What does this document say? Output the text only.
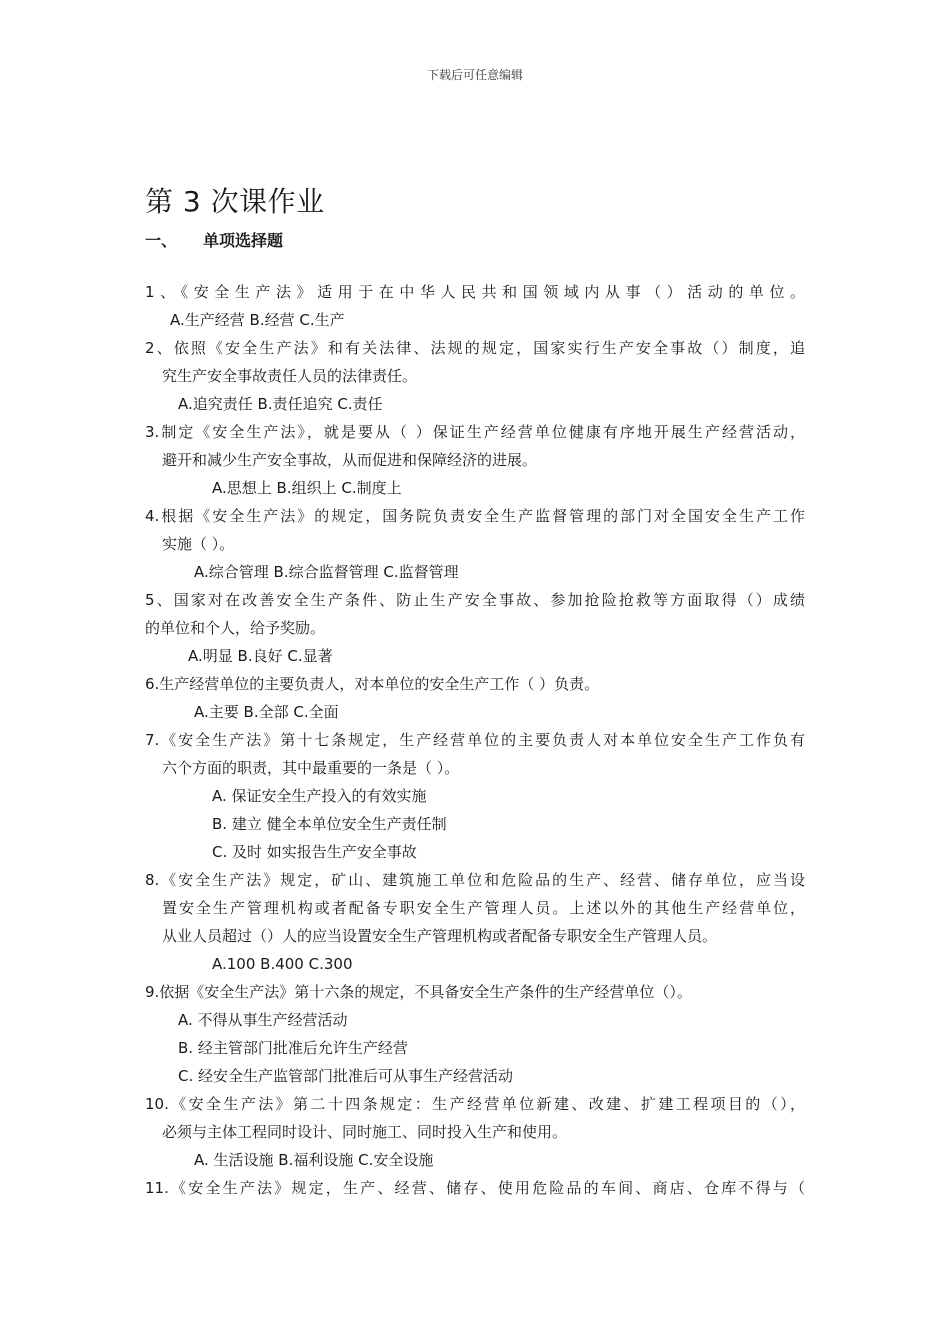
下载后可任意编辑
第 3 次课作业
一、 单项选择题
1、《安全生产法》适用于在中华人民共和国领域内从事（）活动的单位。
A.生产经营 B.经营 C.生产
2、依照《安全生产法》和有关法律、法规的规定，国家实行生产安全事故（）制度，追
究生产安全事故责任人员的法律责任。
A.追究责任 B.责任追究 C.责任
3.制定《安全生产法》，就是要从（ ）保证生产经营单位健康有序地开展生产经营活动，
避开和减少生产安全事故，从而促进和保障经济的进展。
A.思想上 B.组织上 C.制度上
4.根据《安全生产法》的规定，国务院负责安全生产监督管理的部门对全国安全生产工作
实施（ ）。
A.综合管理 B.综合监督管理 C.监督管理
5、国家对在改善安全生产条件、防止生产安全事故、参加抢险抢救等方面取得（）成绩
的单位和个人，给予奖励。
A.明显 B.良好 C.显著
6.生产经营单位的主要负责人，对本单位的安全生产工作（ ）负责。
A.主要 B.全部 C.全面
7.《安全生产法》第十七条规定，生产经营单位的主要负责人对本单位安全生产工作负有
六个方面的职责，其中最重要的一条是（ ）。
A. 保证安全生产投入的有效实施
B. 建立 健全本单位安全生产责任制
C. 及时 如实报告生产安全事故
8.《安全生产法》规定，矿山、建筑施工单位和危险品的生产、经营、储存单位，应当设
置安全生产管理机构或者配备专职安全生产管理人员。上述以外的其他生产经营单位，
从业人员超过（）人的应当设置安全生产管理机构或者配备专职安全生产管理人员。
A.100 B.400 C.300
9.依据《安全生产法》第十六条的规定，不具备安全生产条件的生产经营单位（）。
A. 不得从事生产经营活动
B. 经主管部门批准后允许生产经营
C. 经安全生产监管部门批准后可从事生产经营活动
10.《安全生产法》第二十四条规定：生产经营单位新建、改建、扩建工程项目的（），
必须与主体工程同时设计、同时施工、同时投入生产和使用。
A. 生活设施 B.福利设施 C.安全设施
11.《安全生产法》规定，生产、经营、储存、使用危险品的车间、商店、仓库不得与（
